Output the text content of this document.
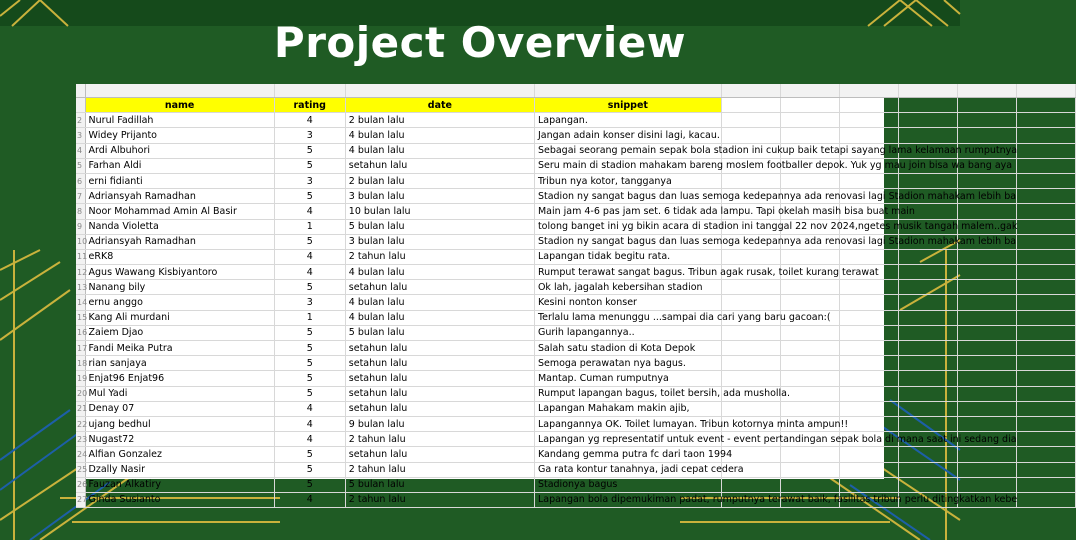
Project Overview
.	.	.	.	.	.	.	.	.	.	.
	name	rating	date	snippet						
2	Nurul Fadillah	4	2 bulan lalu	Lapangan.						
3	Widey Prijanto	3	4 bulan lalu	Jangan adain konser disini lagi, kacau.						
4	Ardi Albuhori	5	4 bulan lalu	Sebagai seorang pemain sepak bola stadion ini cukup baik tetapi sayang lama kelamaan rumputnya						
5	Farhan Aldi	5	setahun lalu	Seru main di stadion mahakam bareng moslem footballer depok. Yuk yg mau join bisa wa bang aya						
6	erni fidianti	3	2 bulan lalu	Tribun nya kotor, tangganya						
7	Adriansyah Ramadhan	5	3 bulan lalu	Stadion ny sangat bagus dan luas semoga kedepannya ada renovasi lagi Stadion mahakam lebih ba						
8	Noor Mohammad Amin Al Basir	4	10 bulan lalu	Main jam 4-6 pas jam set. 6 tidak ada lampu. Tapi okelah masih bisa buat main						
9	Nanda Violetta	1	5 bulan lalu	tolong banget ini yg bikin acara di stadion ini tanggal 22 nov 2024,ngetes musik tangah malem..gak						
10	Adriansyah Ramadhan	5	3 bulan lalu	Stadion ny sangat bagus dan luas semoga kedepannya ada renovasi lagi Stadion mahakam lebih ba						
11	eRK8	4	2 tahun lalu	Lapangan tidak begitu rata.						
12	Agus Wawang Kisbiyantoro	4	4 bulan lalu	Rumput terawat sangat bagus. Tribun agak rusak, toilet kurang terawat						
13	Nanang bily	5	setahun lalu	Ok lah, jagalah kebersihan stadion						
14	ernu anggo	3	4 bulan lalu	Kesini nonton konser						
15	Kang Ali murdani	1	4 bulan lalu	Terlalu lama menunggu ...sampai dia cari yang baru gacoan:(						
16	Zaiem Djao	5	5 bulan lalu	Gurih lapangannya..						
17	Fandi Meika Putra	5	setahun lalu	Salah satu stadion di Kota Depok						
18	rian sanjaya	5	setahun lalu	Semoga perawatan nya bagus.						
19	Enjat96 Enjat96	5	setahun lalu	Mantap. Cuman rumputnya						
20	Mul Yadi	5	setahun lalu	Rumput lapangan bagus, toilet bersih, ada musholla.						
21	Denay 07	4	setahun lalu	Lapangan Mahakam makin ajib,						
22	ujang bedhul	4	9 bulan lalu	Lapangannya OK. Toilet lumayan. Tribun kotornya minta ampun!!						
23	Nugast72	4	2 tahun lalu	Lapangan yg representatif untuk event - event pertandingan sepak bola di mana saat ini sedang dia						
24	Alfian Gonzalez	5	setahun lalu	Kandang gemma putra fc dari taon 1994						
25	Dzally Nasir	5	2 tahun lalu	Ga rata kontur tanahnya, jadi cepat cedera						
26	Fauzan Alkatiry	5	5 bulan lalu	Stadionya bagus						
27	Ginda Susianto	4	2 tahun lalu	Lapangan bola dipemukiman padat, rumputnya terawat baik, fasilitas tribun perlu ditingkatkan kebe						
